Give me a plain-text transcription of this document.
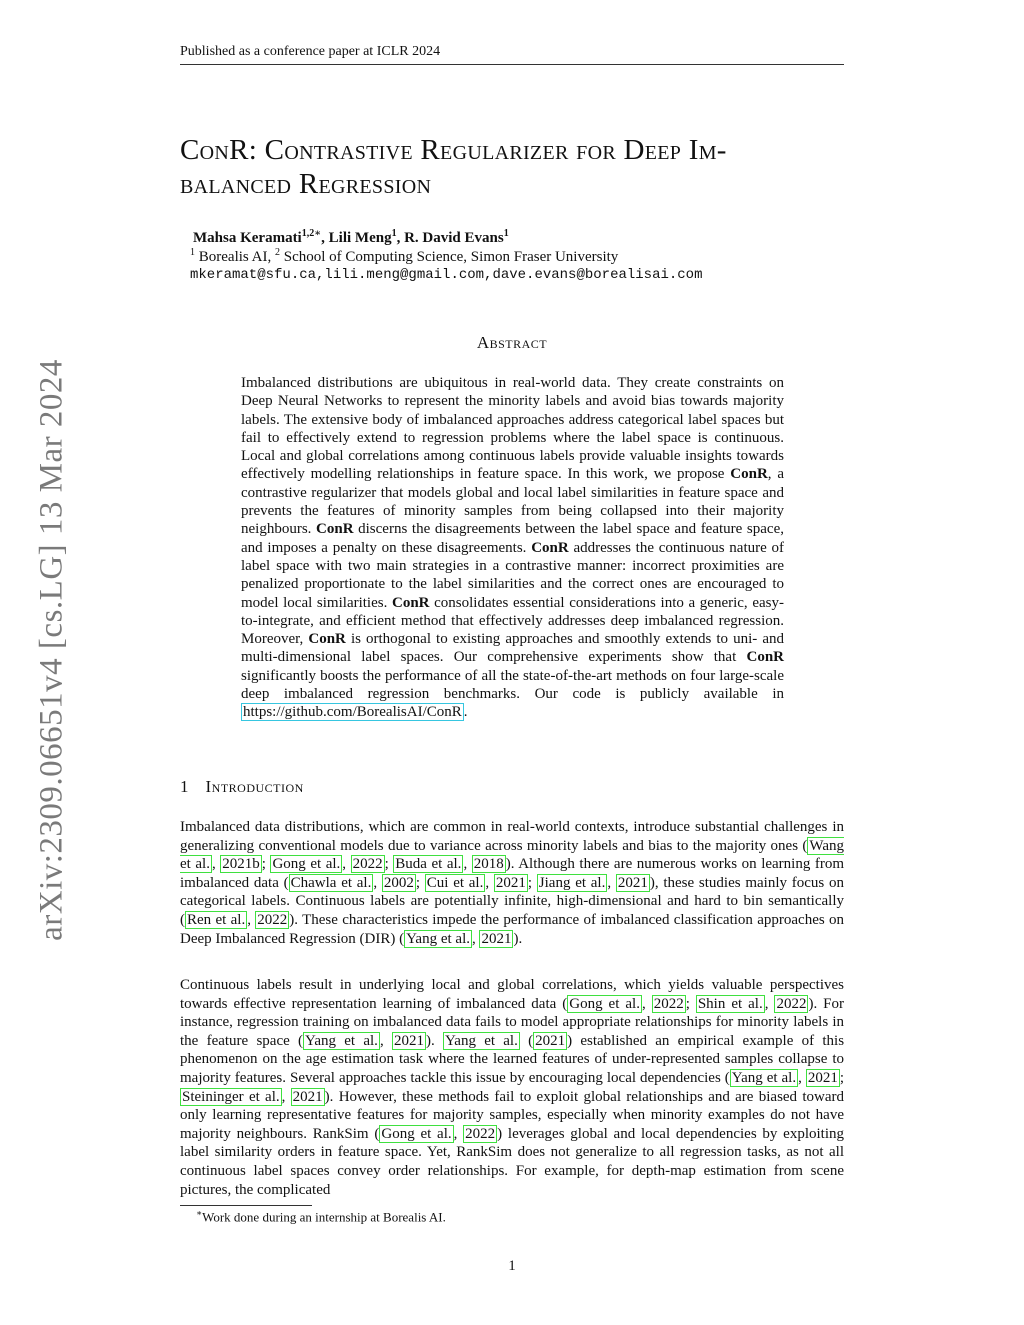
Published as a conference paper at ICLR 2024
arXiv:2309.06651v4 [cs.LG] 13 Mar 2024
ConR: Contrastive Regularizer for Deep Im-
balanced Regression
Mahsa Keramati$^{1,2∗}$, Lili Meng$^1$, R. David Evans$^1$
$^1$ Borealis AI, $^2$ School of Computing Science, Simon Fraser University
mkeramat@sfu.ca,lili.meng@gmail.com,dave.evans@borealisai.com
Abstract

Imbalanced distributions are ubiquitous in real-world data. They create constraints on Deep Neural Networks to represent the minority labels and avoid bias towards majority labels. The extensive body of imbalanced approaches address categorical label spaces but fail to effectively extend to regression problems where the label space is continuous. Local and global correlations among continuous labels provide valuable insights towards effectively modelling relationships in feature space. In this work, we propose ConR, a contrastive regularizer that models global and local label similarities in feature space and prevents the features of minority samples from being collapsed into their majority neighbours. ConR discerns the disagreements between the label space and feature space, and imposes a penalty on these disagreements. ConR addresses the continuous nature of label space with two main strategies in a contrastive manner: incorrect proximities are penalized proportionate to the label similarities and the correct ones are encouraged to model local similarities. ConR consolidates essential considerations into a generic, easy-to-integrate, and efficient method that effectively addresses deep imbalanced regression. Moreover, ConR is orthogonal to existing approaches and smoothly extends to uni- and multi-dimensional label spaces. Our comprehensive experiments show that ConR significantly boosts the performance of all the state-of-the-art methods on four large-scale deep imbalanced regression benchmarks. Our code is publicly available in https://github.com/BorealisAI/ConR .

1 Introduction

Imbalanced data distributions, which are common in real-world contexts, introduce substantial challenges in generalizing conventional models due to variance across minority labels and bias to the majority ones ( Wang et al. , 2021b ; Gong et al. , 2022 ; Buda et al. , 2018 ). Although there are numerous works on learning from imbalanced data ( Chawla et al. , 2002 ; Cui et al. , 2021 ; Jiang et al. , 2021 ), these studies mainly focus on categorical labels. Continuous labels are potentially infinite, high-dimensional and hard to bin semantically ( Ren et al. , 2022 ). These characteristics impede the performance of imbalanced classification approaches on Deep Imbalanced Regression (DIR) ( Yang et al. , 2021 ).

Continuous labels result in underlying local and global correlations, which yields valuable perspectives towards effective representation learning of imbalanced data ( Gong et al. , 2022 ; Shin et al. , 2022 ). For instance, regression training on imbalanced data fails to model appropriate relationships for minority labels in the feature space ( Yang et al. , 2021 ). Yang et al. ( 2021 ) established an empirical example of this phenomenon on the age estimation task where the learned features of under-represented samples collapse to majority features. Several approaches tackle this issue by encouraging local dependencies ( Yang et al. , 2021 ; Steininger et al. , 2021 ). However, these methods fail to exploit global relationships and are biased toward only learning representative features for majority samples, especially when minority examples do not have majority neighbours. RankSim ( Gong et al. , 2022 ) leverages global and local dependencies by exploiting label similarity orders in feature space. Yet, RankSim does not generalize to all regression tasks, as not all continuous label spaces convey order relationships. For example, for depth-map estimation from scene pictures, the complicated

∗Work done during an internship at Borealis AI.
1
